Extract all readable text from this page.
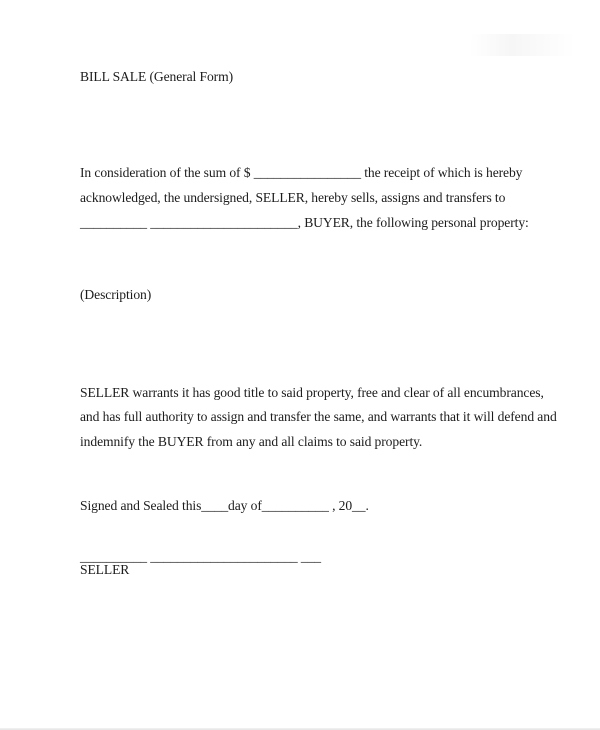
BILL SALE (General Form)
In consideration of the sum of $ ________________ the receipt of which is hereby
acknowledged, the undersigned, SELLER, hereby sells, assigns and transfers to
__________ ______________________, BUYER, the following personal property:
(Description)
SELLER warrants it has good title to said property, free and clear of all encumbrances,
and has full authority to assign and transfer the same, and warrants that it will defend and
indemnify the BUYER from any and all claims to said property.
Signed and Sealed this____day of__________ , 20__.
__________ ______________________ ___
SELLER
